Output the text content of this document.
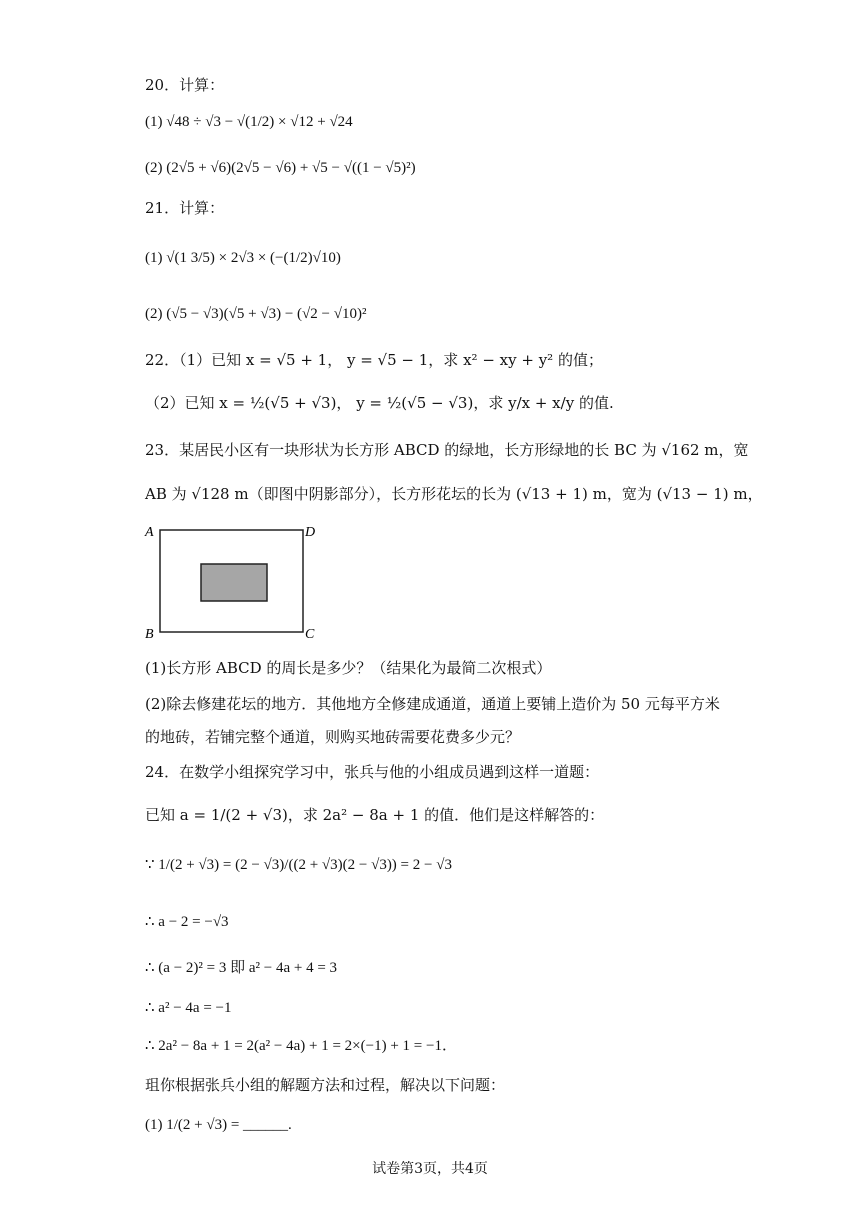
20．计算：
(1) √48 ÷ √3 − √(1/2) × √12 + √24
(2) (2√5 + √6)(2√5 − √6) + √5 − √((1 − √5)²)
21．计算：
(1) √(1 3/5) × 2√3 × (−(1/2)√10)
(2) (√5 − √3)(√5 + √3) − (√2 − √10)²
22．（1）已知 x = √5 + 1， y = √5 − 1，求 x² − xy + y² 的值；
（2）已知 x = ½(√5 + √3)， y = ½(√5 − √3)，求 y/x + x/y 的值.
23．某居民小区有一块形状为长方形 ABCD 的绿地，长方形绿地的长 BC 为 √162 m，宽
AB 为 √128 m（即图中阴影部分），长方形花坛的长为 (√13 + 1) m，宽为 (√13 − 1) m，
A
B	C
D
(1)长方形 ABCD 的周长是多少？（结果化为最简二次根式）
(2)除去修建花坛的地方．其他地方全修建成通道，通道上要铺上造价为 50 元每平方米
的地砖，若铺完整个通道，则购买地砖需要花费多少元？
24．在数学小组探究学习中，张兵与他的小组成员遇到这样一道题：
已知 a = 1/(2 + √3)，求 2a² − 8a + 1 的值．他们是这样解答的：
∵ 1/(2 + √3) = (2 − √3)/((2 + √3)(2 − √3)) = 2 − √3
∴ a − 2 = −√3
∴ (a − 2)² = 3 即 a² − 4a + 4 = 3
∴ a² − 4a = −1
∴ 2a² − 8a + 1 = 2(a² − 4a) + 1 = 2×(−1) + 1 = −1．
珇你根据张兵小组的解题方法和过程，解决以下问题：
(1) 1/(2 + √3) = ______.
试卷第3页，共4页
